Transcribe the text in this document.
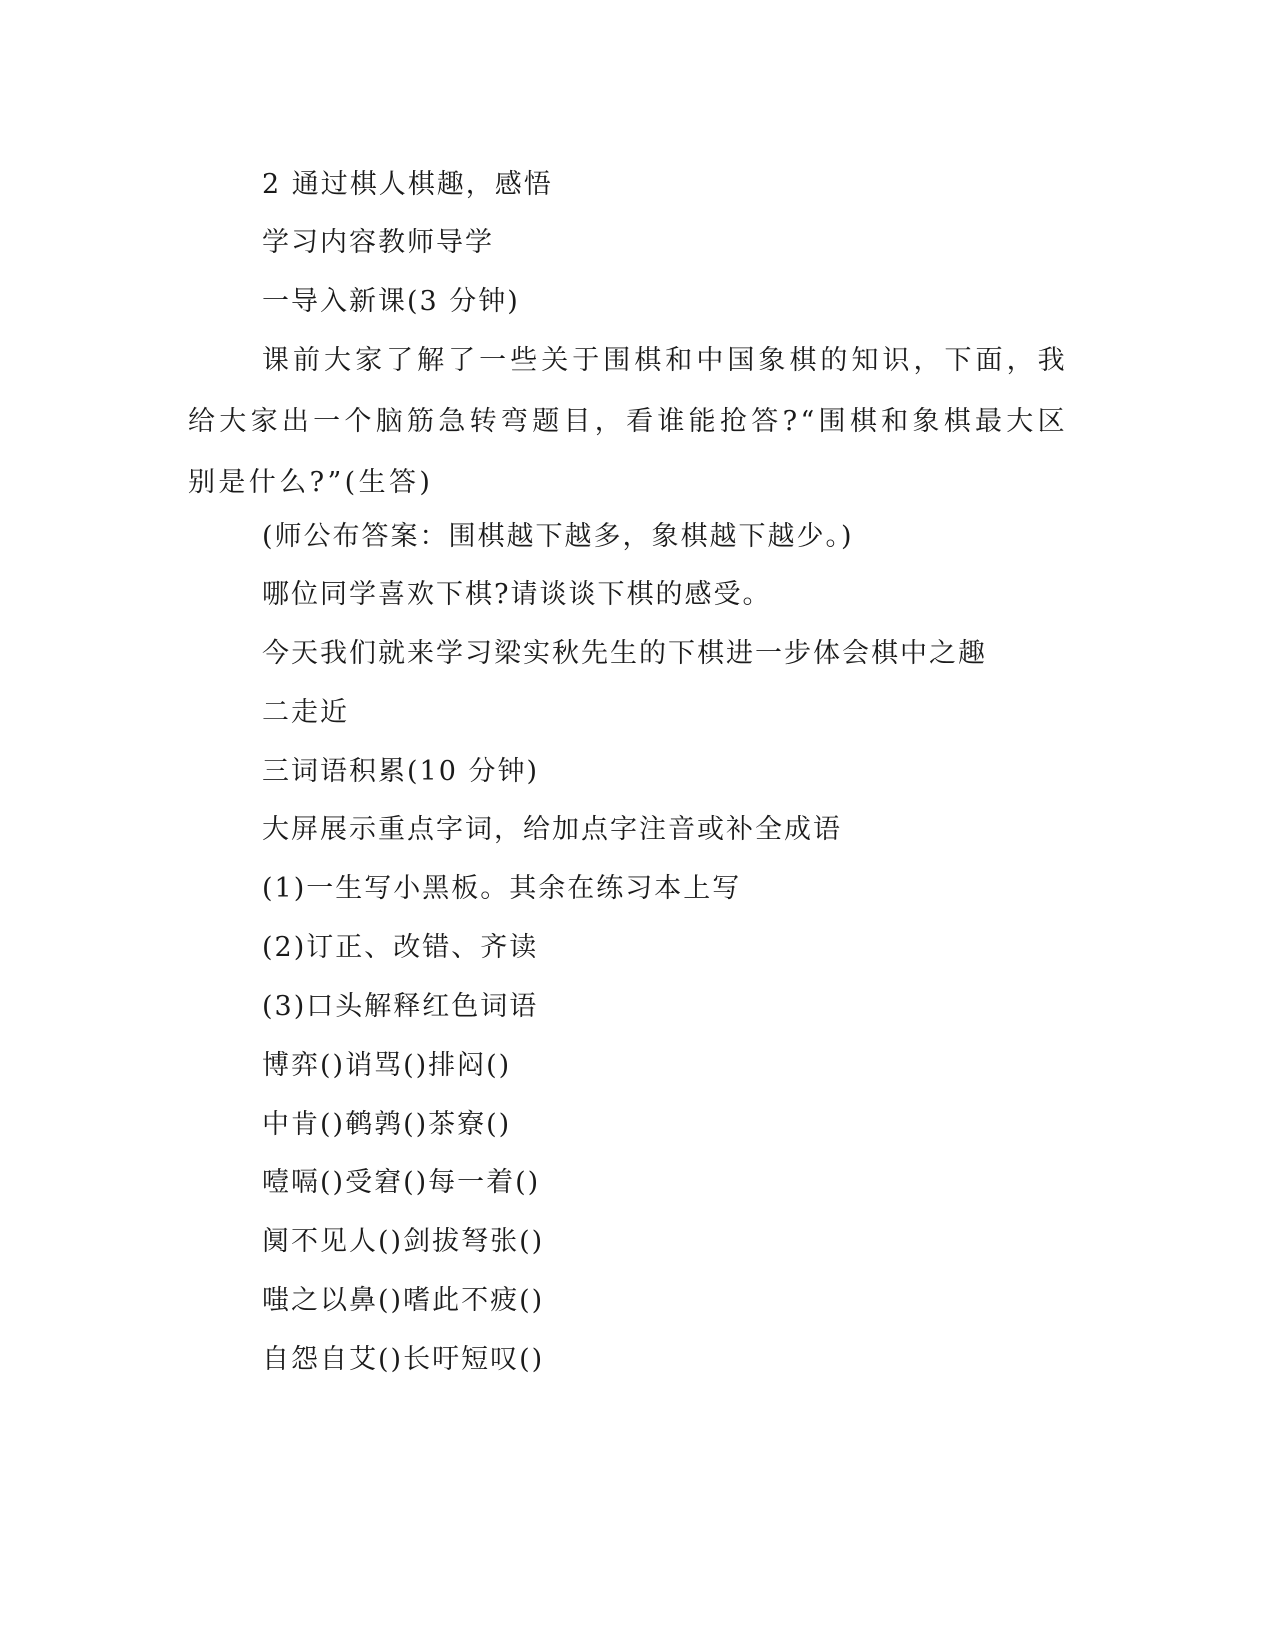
2 通过棋人棋趣，感悟
学习内容教师导学
一导入新课(3 分钟)
课前大家了解了一些关于围棋和中国象棋的知识，下面，我给大家出一个脑筋急转弯题目，看谁能抢答?“围棋和象棋最大区别是什么?”(生答)
(师公布答案：围棋越下越多，象棋越下越少。)
哪位同学喜欢下棋?请谈谈下棋的感受。
今天我们就来学习梁实秋先生的下棋进一步体会棋中之趣
二走近
三词语积累(10 分钟)
大屏展示重点字词，给加点字注音或补全成语
(1)一生写小黑板。其余在练习本上写
(2)订正、改错、齐读
(3)口头解释红色词语
博弈()诮骂()排闷()
中肯()鹌鹑()茶寮()
噎嗝()受窘()每一着()
阒不见人()剑拔弩张()
嗤之以鼻()嗜此不疲()
自怨自艾()长吁短叹()
